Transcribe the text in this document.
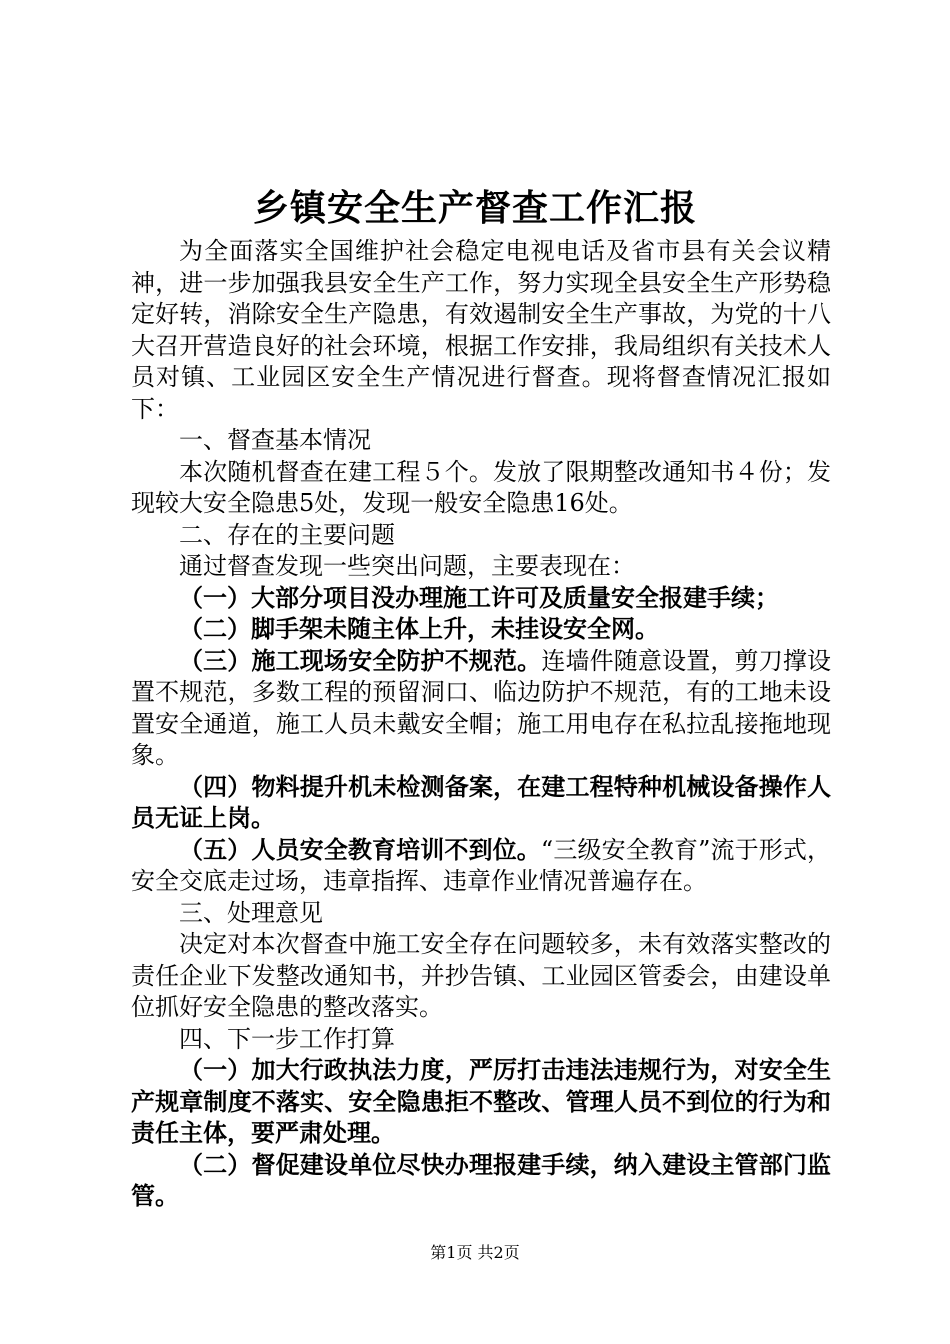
乡镇安全生产督查工作汇报

为全面落实全国维护社会稳定电视电话及省市县有关会议精神，进一步加强我县安全生产工作，努力实现全县安全生产形势稳定好转，消除安全生产隐患，有效遏制安全生产事故，为党的十八大召开营造良好的社会环境，根据工作安排，我局组织有关技术人员对镇、工业园区安全生产情况进行督查。现将督查情况汇报如下：

一、督查基本情况

本次随机督查在建工程５个。发放了限期整改通知书４份；发现较大安全隐患5处，发现一般安全隐患16处。

二、存在的主要问题

通过督查发现一些突出问题，主要表现在：

（一）大部分项目没办理施工许可及质量安全报建手续；

（二）脚手架未随主体上升，未挂设安全网。

（三）施工现场安全防护不规范。连墙件随意设置，剪刀撑设置不规范，多数工程的预留洞口、临边防护不规范，有的工地未设置安全通道，施工人员未戴安全帽；施工用电存在私拉乱接拖地现象。

（四）物料提升机未检测备案，在建工程特种机械设备操作人员无证上岗。

（五）人员安全教育培训不到位。“三级安全教育”流于形式，安全交底走过场，违章指挥、违章作业情况普遍存在。

三、处理意见

决定对本次督查中施工安全存在问题较多，未有效落实整改的责任企业下发整改通知书，并抄告镇、工业园区管委会，由建设单位抓好安全隐患的整改落实。

四、下一步工作打算

（一）加大行政执法力度，严厉打击违法违规行为，对安全生产规章制度不落实、安全隐患拒不整改、管理人员不到位的行为和责任主体，要严肃处理。

（二）督促建设单位尽快办理报建手续，纳入建设主管部门监管。

第1页 共2页
